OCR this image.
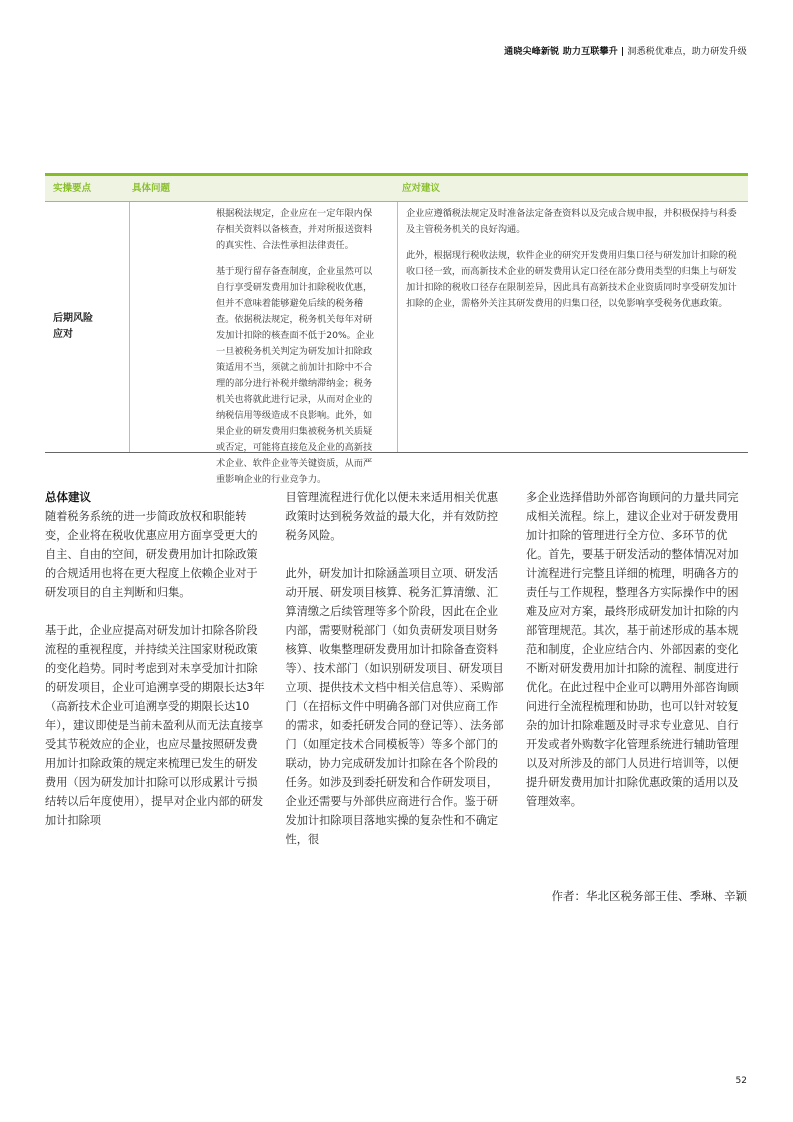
通晓尖峰新锐 助力互联攀升 | 洞悉税优难点，助力研发升级
实操要点	具体问题	应对建议
后期风险
应对

根据税法规定，企业应在一定年限内保存相关资料以备核查，并对所报送资料的真实性、合法性承担法律责任。

基于现行留存备查制度，企业虽然可以自行享受研发费用加计扣除税收优惠，但并不意味着能够避免后续的税务稽查。依据税法规定，税务机关每年对研发加计扣除的核查面不低于20%。企业一旦被税务机关判定为研发加计扣除政策适用不当，须就之前加计扣除中不合理的部分进行补税并缴纳滞纳金；税务机关也将就此进行记录，从而对企业的纳税信用等级造成不良影响。此外，如果企业的研发费用归集被税务机关质疑或否定，可能将直接危及企业的高新技术企业、软件企业等关键资质，从而严重影响企业的行业竞争力。

企业应遵循税法规定及时准备法定备查资料以及完成合规申报，并积极保持与科委及主管税务机关的良好沟通。

此外，根据现行税收法规，软件企业的研究开发费用归集口径与研发加计扣除的税收口径一致，而高新技术企业的研发费用认定口径在部分费用类型的归集上与研发加计扣除的税收口径存在限制差异，因此具有高新技术企业资质同时享受研发加计扣除的企业，需格外关注其研发费用的归集口径，以免影响享受税务优惠政策。

总体建议

随着税务系统的进一步简政放权和职能转变，企业将在税收优惠应用方面享受更大的自主、自由的空间，研发费用加计扣除政策的合规适用也将在更大程度上依赖企业对于研发项目的自主判断和归集。

基于此，企业应提高对研发加计扣除各阶段流程的重视程度，并持续关注国家财税政策的变化趋势。同时考虑到对未享受加计扣除的研发项目，企业可追溯享受的期限长达3年（高新技术企业可追溯享受的期限长达10年），建议即使是当前未盈利从而无法直接享受其节税效应的企业，也应尽量按照研发费用加计扣除政策的规定来梳理已发生的研发费用（因为研发加计扣除可以形成累计亏损结转以后年度使用），提早对企业内部的研发加计扣除项

目管理流程进行优化以便未来适用相关优惠政策时达到税务效益的最大化，并有效防控税务风险。

此外，研发加计扣除涵盖项目立项、研发活动开展、研发项目核算、税务汇算清缴、汇算清缴之后续管理等多个阶段，因此在企业内部，需要财税部门（如负责研发项目财务核算、收集整理研发费用加计扣除备查资料等）、技术部门（如识别研发项目、研发项目立项、提供技术文档中相关信息等）、采购部门（在招标文件中明确各部门对供应商工作的需求，如委托研发合同的登记等）、法务部门（如厘定技术合同模板等）等多个部门的联动，协力完成研发加计扣除在各个阶段的任务。如涉及到委托研发和合作研发项目，企业还需要与外部供应商进行合作。鉴于研发加计扣除项目落地实操的复杂性和不确定性，很

多企业选择借助外部咨询顾问的力量共同完成相关流程。综上，建议企业对于研发费用加计扣除的管理进行全方位、多环节的优化。首先，要基于研发活动的整体情况对加计流程进行完整且详细的梳理，明确各方的责任与工作规程，整理各方实际操作中的困难及应对方案，最终形成研发加计扣除的内部管理规范。其次，基于前述形成的基本规范和制度，企业应结合内、外部因素的变化不断对研发费用加计扣除的流程、制度进行优化。在此过程中企业可以聘用外部咨询顾问进行全流程梳理和协助，也可以针对较复杂的加计扣除难题及时寻求专业意见、自行开发或者外购数字化管理系统进行辅助管理以及对所涉及的部门人员进行培训等，以便提升研发费用加计扣除优惠政策的适用以及管理效率。

作者：华北区税务部王佳、季琳、辛颖
52
